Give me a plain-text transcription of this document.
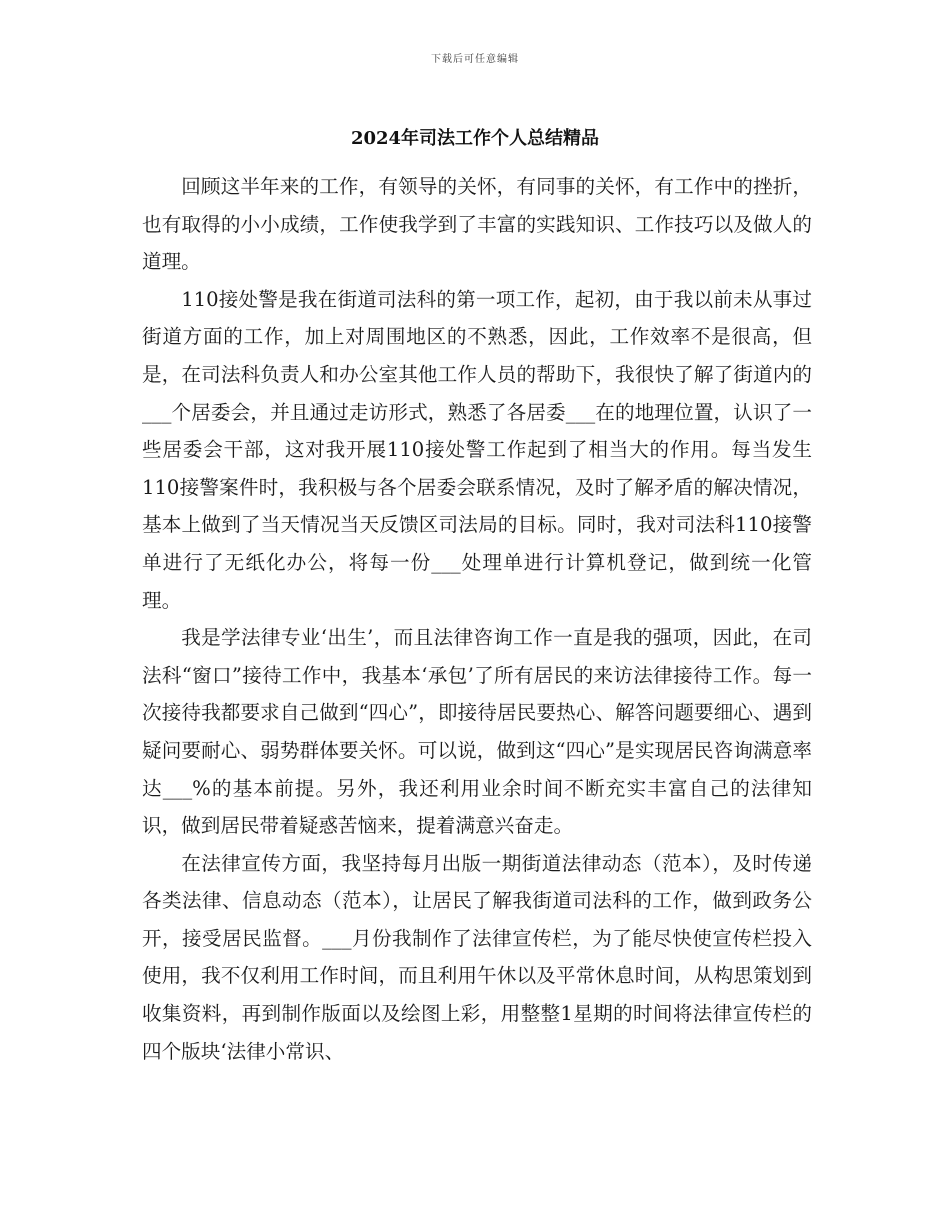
下载后可任意编辑
2024年司法工作个人总结精品

回顾这半年来的工作，有领导的关怀，有同事的关怀，有工作中的挫折，也有取得的小小成绩，工作使我学到了丰富的实践知识、工作技巧以及做人的道理。

110接处警是我在街道司法科的第一项工作，起初，由于我以前未从事过街道方面的工作，加上对周围地区的不熟悉，因此，工作效率不是很高，但是，在司法科负责人和办公室其他工作人员的帮助下，我很快了解了街道内的___个居委会，并且通过走访形式，熟悉了各居委___在的地理位置，认识了一些居委会干部，这对我开展110接处警工作起到了相当大的作用。每当发生110接警案件时，我积极与各个居委会联系情况，及时了解矛盾的解决情况，基本上做到了当天情况当天反馈区司法局的目标。同时，我对司法科110接警单进行了无纸化办公，将每一份___处理单进行计算机登记，做到统一化管理。

我是学法律专业‘出生’，而且法律咨询工作一直是我的强项，因此，在司法科“窗口”接待工作中，我基本‘承包’了所有居民的来访法律接待工作。每一次接待我都要求自己做到“四心”，即接待居民要热心、解答问题要细心、遇到疑问要耐心、弱势群体要关怀。可以说，做到这“四心”是实现居民咨询满意率达___%的基本前提。另外，我还利用业余时间不断充实丰富自己的法律知识，做到居民带着疑惑苦恼来，提着满意兴奋走。

在法律宣传方面，我坚持每月出版一期街道法律动态（范本），及时传递各类法律、信息动态（范本），让居民了解我街道司法科的工作，做到政务公开，接受居民监督。___月份我制作了法律宣传栏，为了能尽快使宣传栏投入使用，我不仅利用工作时间，而且利用午休以及平常休息时间，从构思策划到收集资料，再到制作版面以及绘图上彩，用整整1星期的时间将法律宣传栏的四个版块‘法律小常识、
